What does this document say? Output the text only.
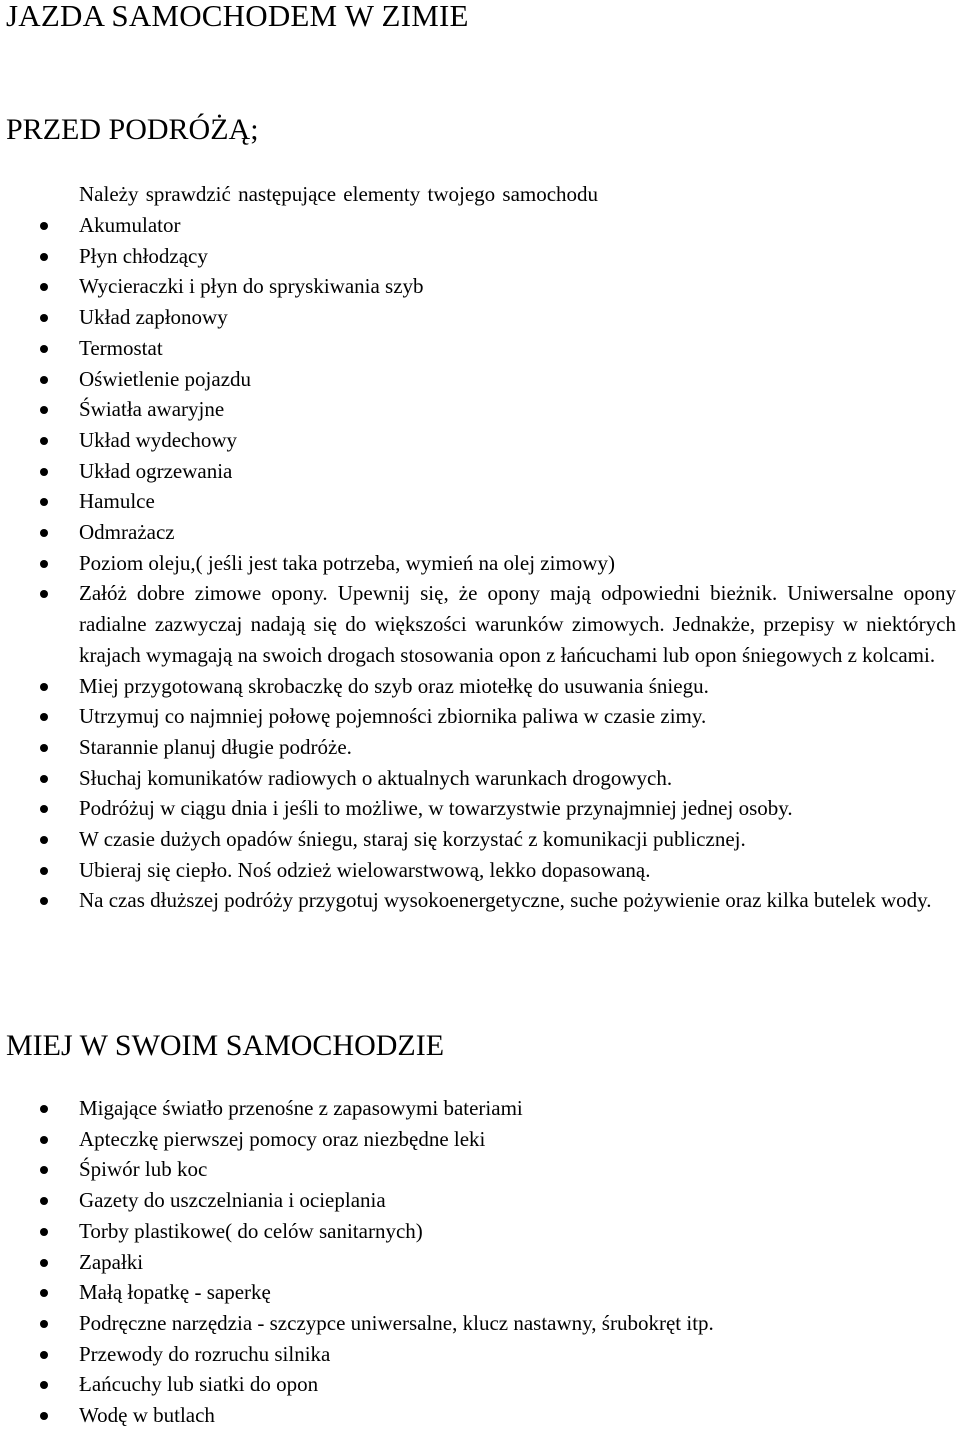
JAZDA SAMOCHODEM W ZIMIE
PRZED PODRÓŻĄ;

Należy sprawdzić następujące elementy twojego samochodu

Akumulator
Płyn chłodzący
Wycieraczki i płyn do spryskiwania szyb
Układ zapłonowy
Termostat
Oświetlenie pojazdu
Światła awaryjne
Układ wydechowy
Układ ogrzewania
Hamulce
Odmrażacz
Poziom oleju,( jeśli jest taka potrzeba, wymień na olej zimowy)
Załóż dobre zimowe opony. Upewnij się, że opony mają odpowiedni bieżnik. Uniwersalne opony radialne zazwyczaj nadają się do większości warunków zimowych. Jednakże, przepisy w niektórych krajach wymagają na swoich drogach stosowania opon z łańcuchami lub opon śniegowych z kolcami.
Miej przygotowaną skrobaczkę do szyb oraz miotełkę do usuwania śniegu.
Utrzymuj co najmniej połowę pojemności zbiornika paliwa w czasie zimy.
Starannie planuj długie podróże.
Słuchaj komunikatów radiowych o aktualnych warunkach drogowych.
Podróżuj w ciągu dnia i jeśli to możliwe, w towarzystwie przynajmniej jednej osoby.
W czasie dużych opadów śniegu, staraj się korzystać z komunikacji publicznej.
Ubieraj się ciepło. Noś odzież wielowarstwową, lekko dopasowaną.
Na czas dłuższej podróży przygotuj wysokoenergetyczne, suche pożywienie oraz kilka butelek wody.
MIEJ W SWOIM SAMOCHODZIE
Migające światło przenośne z zapasowymi bateriami
Apteczkę pierwszej pomocy oraz niezbędne leki
Śpiwór lub koc
Gazety do uszczelniania i ocieplania
Torby plastikowe( do celów sanitarnych)
Zapałki
Małą łopatkę - saperkę
Podręczne narzędzia - szczypce uniwersalne, klucz nastawny, śrubokręt itp.
Przewody do rozruchu silnika
Łańcuchy lub siatki do opon
Wodę w butlach
